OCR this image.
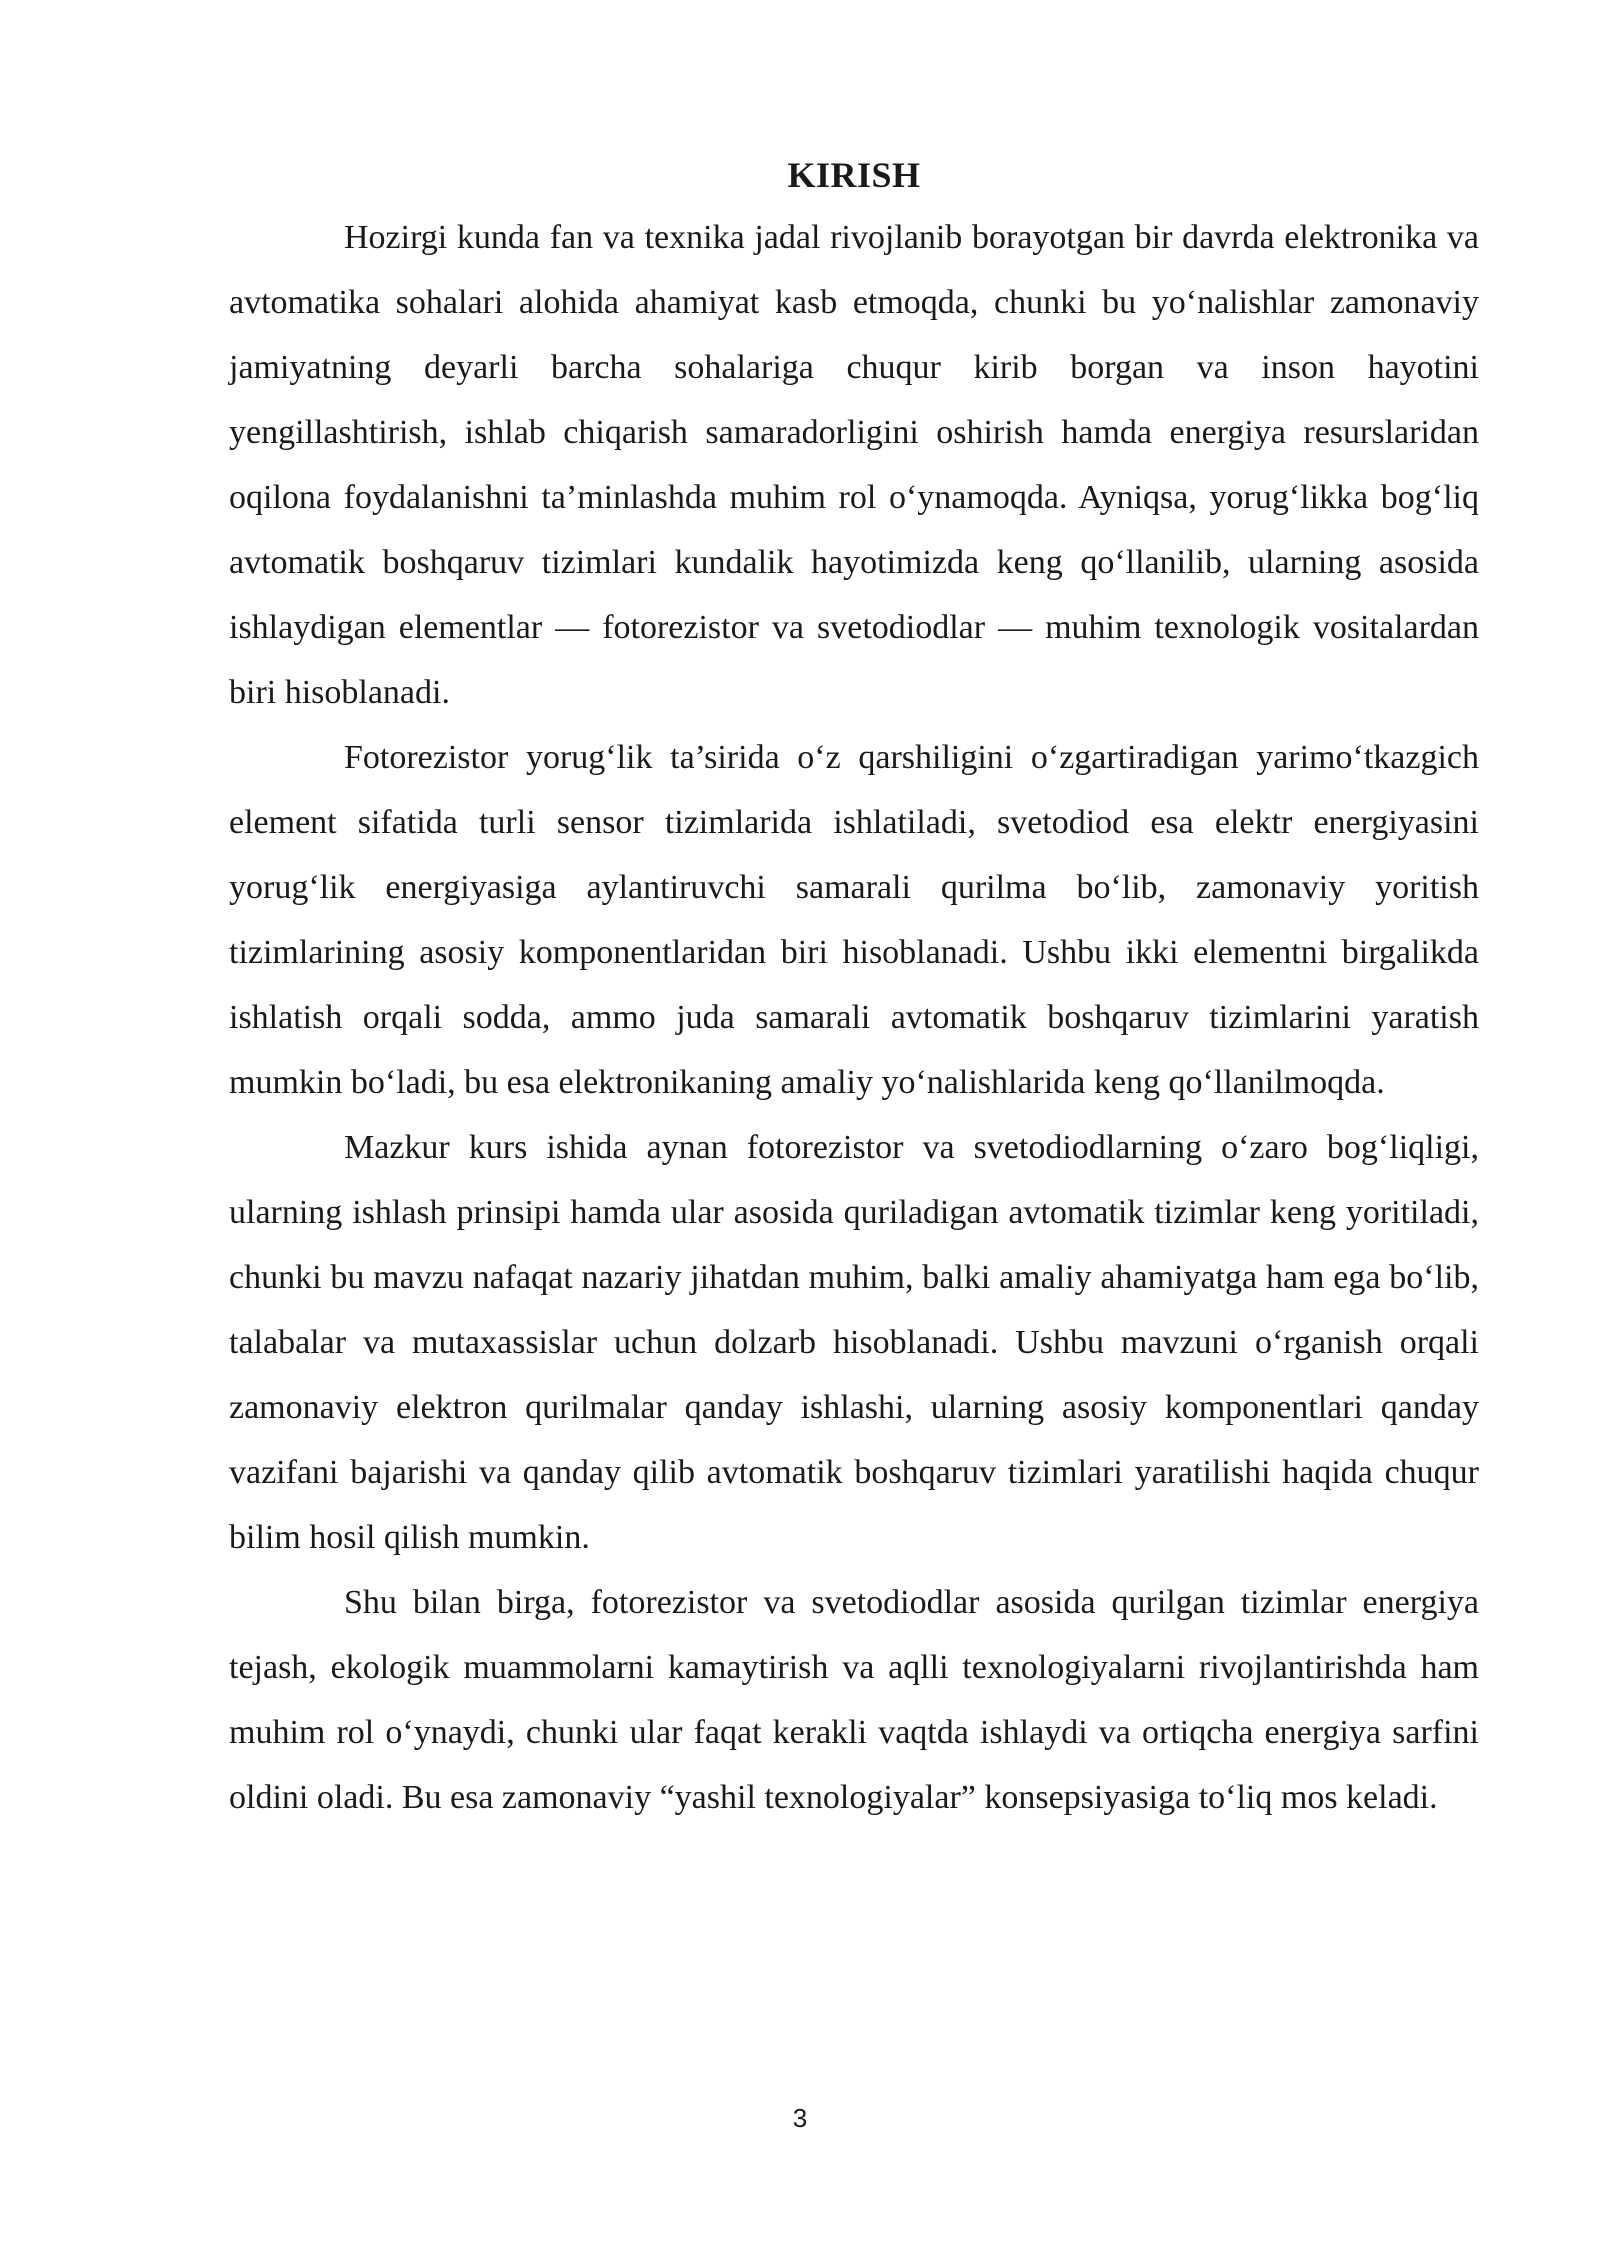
KIRISH

Hozirgi kunda fan va texnika jadal rivojlanib borayotgan bir davrda elektronika va avtomatika sohalari alohida ahamiyat kasb etmoqda, chunki bu yo‘nalishlar zamonaviy jamiyatning deyarli barcha sohalariga chuqur kirib borgan va inson hayotini yengillashtirish, ishlab chiqarish samaradorligini oshirish hamda energiya resurslaridan oqilona foydalanishni ta’minlashda muhim rol o‘ynamoqda. Ayniqsa, yorug‘likka bog‘liq avtomatik boshqaruv tizimlari kundalik hayotimizda keng qo‘llanilib, ularning asosida ishlaydigan elementlar — fotorezistor va svetodiodlar — muhim texnologik vositalardan biri hisoblanadi.

Fotorezistor yorug‘lik ta’sirida o‘z qarshiligini o‘zgartiradigan yarimo‘tkazgich element sifatida turli sensor tizimlarida ishlatiladi, svetodiod esa elektr energiyasini yorug‘lik energiyasiga aylantiruvchi samarali qurilma bo‘lib, zamonaviy yoritish tizimlarining asosiy komponentlaridan biri hisoblanadi. Ushbu ikki elementni birgalikda ishlatish orqali sodda, ammo juda samarali avtomatik boshqaruv tizimlarini yaratish mumkin bo‘ladi, bu esa elektronikaning amaliy yo‘nalishlarida keng qo‘llanilmoqda.

Mazkur kurs ishida aynan fotorezistor va svetodiodlarning o‘zaro bog‘liqligi, ularning ishlash prinsipi hamda ular asosida quriladigan avtomatik tizimlar keng yoritiladi, chunki bu mavzu nafaqat nazariy jihatdan muhim, balki amaliy ahamiyatga ham ega bo‘lib, talabalar va mutaxassislar uchun dolzarb hisoblanadi. Ushbu mavzuni o‘rganish orqali zamonaviy elektron qurilmalar qanday ishlashi, ularning asosiy komponentlari qanday vazifani bajarishi va qanday qilib avtomatik boshqaruv tizimlari yaratilishi haqida chuqur bilim hosil qilish mumkin.

Shu bilan birga, fotorezistor va svetodiodlar asosida qurilgan tizimlar energiya tejash, ekologik muammolarni kamaytirish va aqlli texnologiyalarni rivojlantirishda ham muhim rol o‘ynaydi, chunki ular faqat kerakli vaqtda ishlaydi va ortiqcha energiya sarfini oldini oladi. Bu esa zamonaviy “yashil texnologiyalar” konsepsiyasiga to‘liq mos keladi.

3
